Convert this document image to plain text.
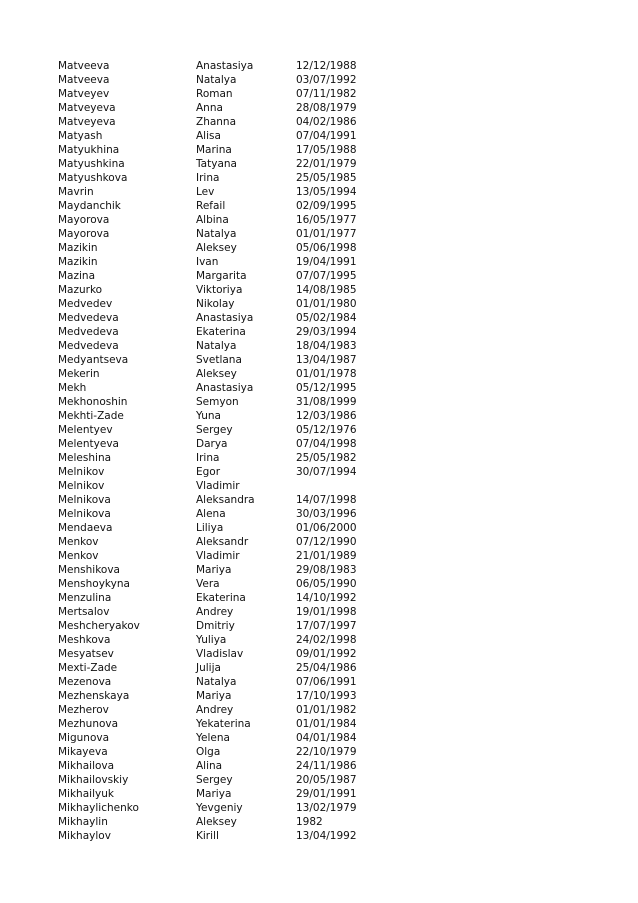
Matveeva	Anastasiya	12/12/1988
Matveeva	Natalya	03/07/1992
Matveyev	Roman	07/11/1982
Matveyeva	Anna	28/08/1979
Matveyeva	Zhanna	04/02/1986
Matyash	Alisa	07/04/1991
Matyukhina	Marina	17/05/1988
Matyushkina	Tatyana	22/01/1979
Matyushkova	Irina	25/05/1985
Mavrin	Lev	13/05/1994
Maydanchik	Refail	02/09/1995
Mayorova	Albina	16/05/1977
Mayorova	Natalya	01/01/1977
Mazikin	Aleksey	05/06/1998
Mazikin	Ivan	19/04/1991
Mazina	Margarita	07/07/1995
Mazurko	Viktoriya	14/08/1985
Medvedev	Nikolay	01/01/1980
Medvedeva	Anastasiya	05/02/1984
Medvedeva	Ekaterina	29/03/1994
Medvedeva	Natalya	18/04/1983
Medyantseva	Svetlana	13/04/1987
Mekerin	Aleksey	01/01/1978
Mekh	Anastasiya	05/12/1995
Mekhonoshin	Semyon	31/08/1999
Mekhti-Zade	Yuna	12/03/1986
Melentyev	Sergey	05/12/1976
Melentyeva	Darya	07/04/1998
Meleshina	Irina	25/05/1982
Melnikov	Egor	30/07/1994
Melnikov	Vladimir
Melnikova	Aleksandra	14/07/1998
Melnikova	Alena	30/03/1996
Mendaeva	Liliya	01/06/2000
Menkov	Aleksandr	07/12/1990
Menkov	Vladimir	21/01/1989
Menshikova	Mariya	29/08/1983
Menshoykyna	Vera	06/05/1990
Menzulina	Ekaterina	14/10/1992
Mertsalov	Andrey	19/01/1998
Meshcheryakov	Dmitriy	17/07/1997
Meshkova	Yuliya	24/02/1998
Mesyatsev	Vladislav	09/01/1992
Mexti-Zade	Julija	25/04/1986
Mezenova	Natalya	07/06/1991
Mezhenskaya	Mariya	17/10/1993
Mezherov	Andrey	01/01/1982
Mezhunova	Yekaterina	01/01/1984
Migunova	Yelena	04/01/1984
Mikayeva	Olga	22/10/1979
Mikhailova	Alina	24/11/1986
Mikhailovskiy	Sergey	20/05/1987
Mikhailyuk	Mariya	29/01/1991
Mikhaylichenko	Yevgeniy	13/02/1979
Mikhaylin	Aleksey	1982
Mikhaylov	Kirill	13/04/1992
